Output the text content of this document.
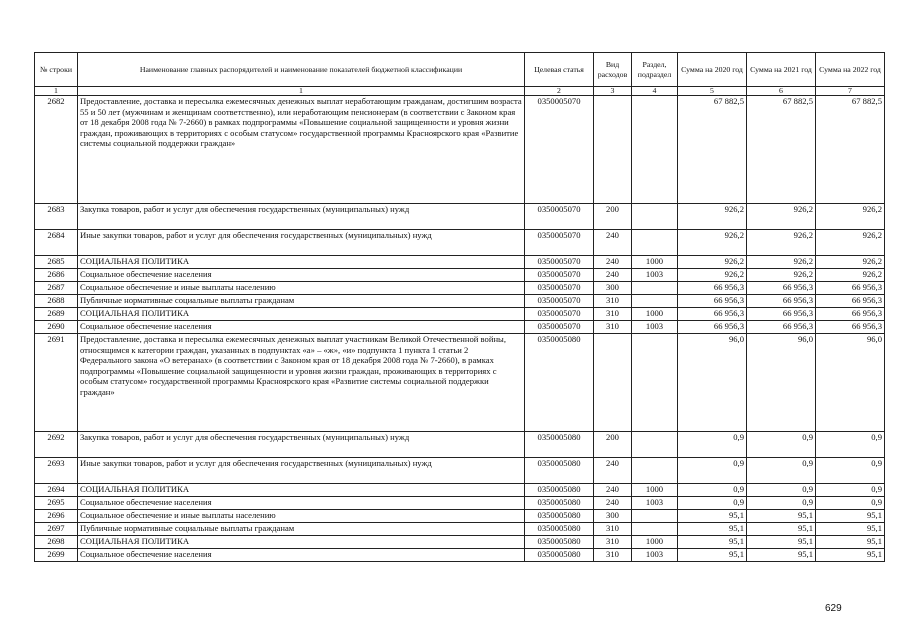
№ строки	Наименование главных распорядителей и наименование показателей бюджетной классификации	Целевая статья	Вид расходов	Раздел, подраздел	Сумма на 2020 год	Сумма на 2021 год	Сумма на 2022 год
1	1	2	3	4	5	6	7
2682	Предоставление, доставка и пересылка ежемесячных денежных выплат неработающим гражданам, достигшим возраста 55 и 50 лет (мужчинам и женщинам соответственно), или неработающим пенсионерам (в соответствии с Законом края от 18 декабря 2008 года № 7-2660) в рамках подпрограммы «Повышение социальной защищенности и уровня жизни граждан, проживающих в территориях с особым статусом» государственной программы Красноярского края «Развитие системы социальной поддержки граждан»	0350005070			67 882,5	67 882,5	67 882,5
2683	Закупка товаров, работ и услуг для обеспечения государственных (муниципальных) нужд	0350005070	200		926,2	926,2	926,2
2684	Иные закупки товаров, работ и услуг для обеспечения государственных (муниципальных) нужд	0350005070	240		926,2	926,2	926,2
2685	СОЦИАЛЬНАЯ ПОЛИТИКА	0350005070	240	1000	926,2	926,2	926,2
2686	Социальное обеспечение населения	0350005070	240	1003	926,2	926,2	926,2
2687	Социальное обеспечение и иные выплаты населению	0350005070	300		66 956,3	66 956,3	66 956,3
2688	Публичные нормативные социальные выплаты гражданам	0350005070	310		66 956,3	66 956,3	66 956,3
2689	СОЦИАЛЬНАЯ ПОЛИТИКА	0350005070	310	1000	66 956,3	66 956,3	66 956,3
2690	Социальное обеспечение населения	0350005070	310	1003	66 956,3	66 956,3	66 956,3
2691	Предоставление, доставка и пересылка ежемесячных денежных выплат участникам Великой Отечественной войны, относящимся к категории граждан, указанных в подпунктах «а» – «ж», «и» подпункта 1 пункта 1 статьи 2 Федерального закона «О ветеранах» (в соответствии с Законом края от 18 декабря 2008 года № 7-2660), в рамках подпрограммы «Повышение социальной защищенности и уровня жизни граждан, проживающих в территориях с особым статусом» государственной программы Красноярского края «Развитие системы социальной поддержки граждан»	0350005080			96,0	96,0	96,0
2692	Закупка товаров, работ и услуг для обеспечения государственных (муниципальных) нужд	0350005080	200		0,9	0,9	0,9
2693	Иные закупки товаров, работ и услуг для обеспечения государственных (муниципальных) нужд	0350005080	240		0,9	0,9	0,9
2694	СОЦИАЛЬНАЯ ПОЛИТИКА	0350005080	240	1000	0,9	0,9	0,9
2695	Социальное обеспечение населения	0350005080	240	1003	0,9	0,9	0,9
2696	Социальное обеспечение и иные выплаты населению	0350005080	300		95,1	95,1	95,1
2697	Публичные нормативные социальные выплаты гражданам	0350005080	310		95,1	95,1	95,1
2698	СОЦИАЛЬНАЯ ПОЛИТИКА	0350005080	310	1000	95,1	95,1	95,1
2699	Социальное обеспечение населения	0350005080	310	1003	95,1	95,1	95,1
629
